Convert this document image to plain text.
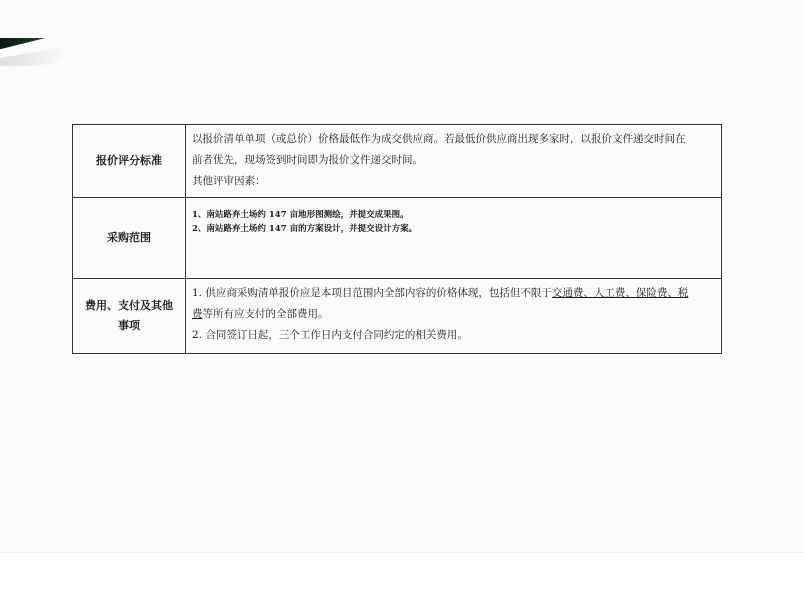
报价评分标准	以报价清单单项（或总价）价格最低作为成交供应商。若最低价供应商出现多家时，以报价文件递交时间在
前者优先，现场签到时间即为报价文件递交时间。
其他评审因素：

采购范围	1、南站路弃土场约 147 亩地形图测绘，并提交成果图。
2、南站路弃土场约 147 亩的方案设计，并提交设计方案。

费用、支付及其他
事项	1. 供应商采购清单报价应是本项目范围内全部内容的价格体现，包括但不限于交通费、人工费、保险费、税
费等所有应支付的全部费用。
2. 合同签订日起，三个工作日内支付合同约定的相关费用。
